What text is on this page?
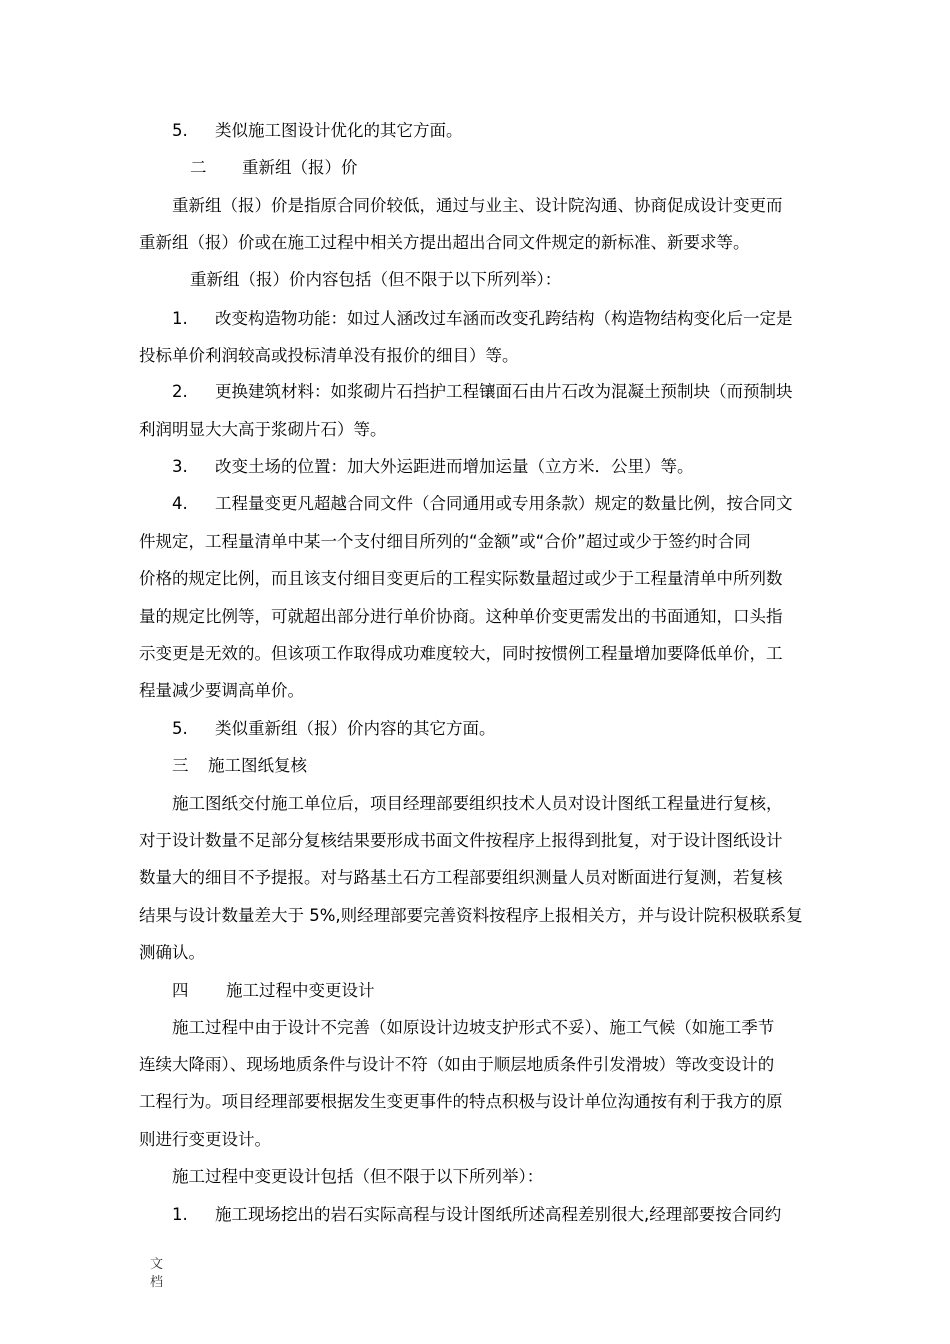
5. 类似施工图设计优化的其它方面。

二 重新组（报）价

重新组（报）价是指原合同价较低，通过与业主、设计院沟通、协商促成设计变更而

重新组（报）价或在施工过程中相关方提出超出合同文件规定的新标准、新要求等。

重新组（报）价内容包括（但不限于以下所列举）：

1. 改变构造物功能：如过人涵改过车涵而改变孔跨结构（构造物结构变化后一定是

投标单价利润较高或投标清单没有报价的细目）等。

2. 更换建筑材料：如浆砌片石挡护工程镶面石由片石改为混凝土预制块（而预制块

利润明显大大高于浆砌片石）等。

3. 改变土场的位置：加大外运距进而增加运量（立方米．公里）等。

4. 工程量变更凡超越合同文件（合同通用或专用条款）规定的数量比例，按合同文

件规定，工程量清单中某一个支付细目所列的“金额”或“合价”超过或少于签约时合同

价格的规定比例，而且该支付细目变更后的工程实际数量超过或少于工程量清单中所列数

量的规定比例等，可就超出部分进行单价协商。这种单价变更需发出的书面通知，口头指

示变更是无效的。但该项工作取得成功难度较大，同时按惯例工程量增加要降低单价，工

程量减少要调高单价。

5. 类似重新组（报）价内容的其它方面。

三 施工图纸复核

施工图纸交付施工单位后，项目经理部要组织技术人员对设计图纸工程量进行复核，

对于设计数量不足部分复核结果要形成书面文件按程序上报得到批复，对于设计图纸设计

数量大的细目不予提报。对与路基土石方工程部要组织测量人员对断面进行复测，若复核

结果与设计数量差大于 5%,则经理部要完善资料按程序上报相关方，并与设计院积极联系复

测确认。

四 施工过程中变更设计

施工过程中由于设计不完善（如原设计边坡支护形式不妥）、施工气候（如施工季节

连续大降雨）、现场地质条件与设计不符（如由于顺层地质条件引发滑坡）等改变设计的

工程行为。项目经理部要根据发生变更事件的特点积极与设计单位沟通按有利于我方的原

则进行变更设计。

施工过程中变更设计包括（但不限于以下所列举）：

1. 施工现场挖出的岩石实际高程与设计图纸所述高程差别很大,经理部要按合同约

文
档
